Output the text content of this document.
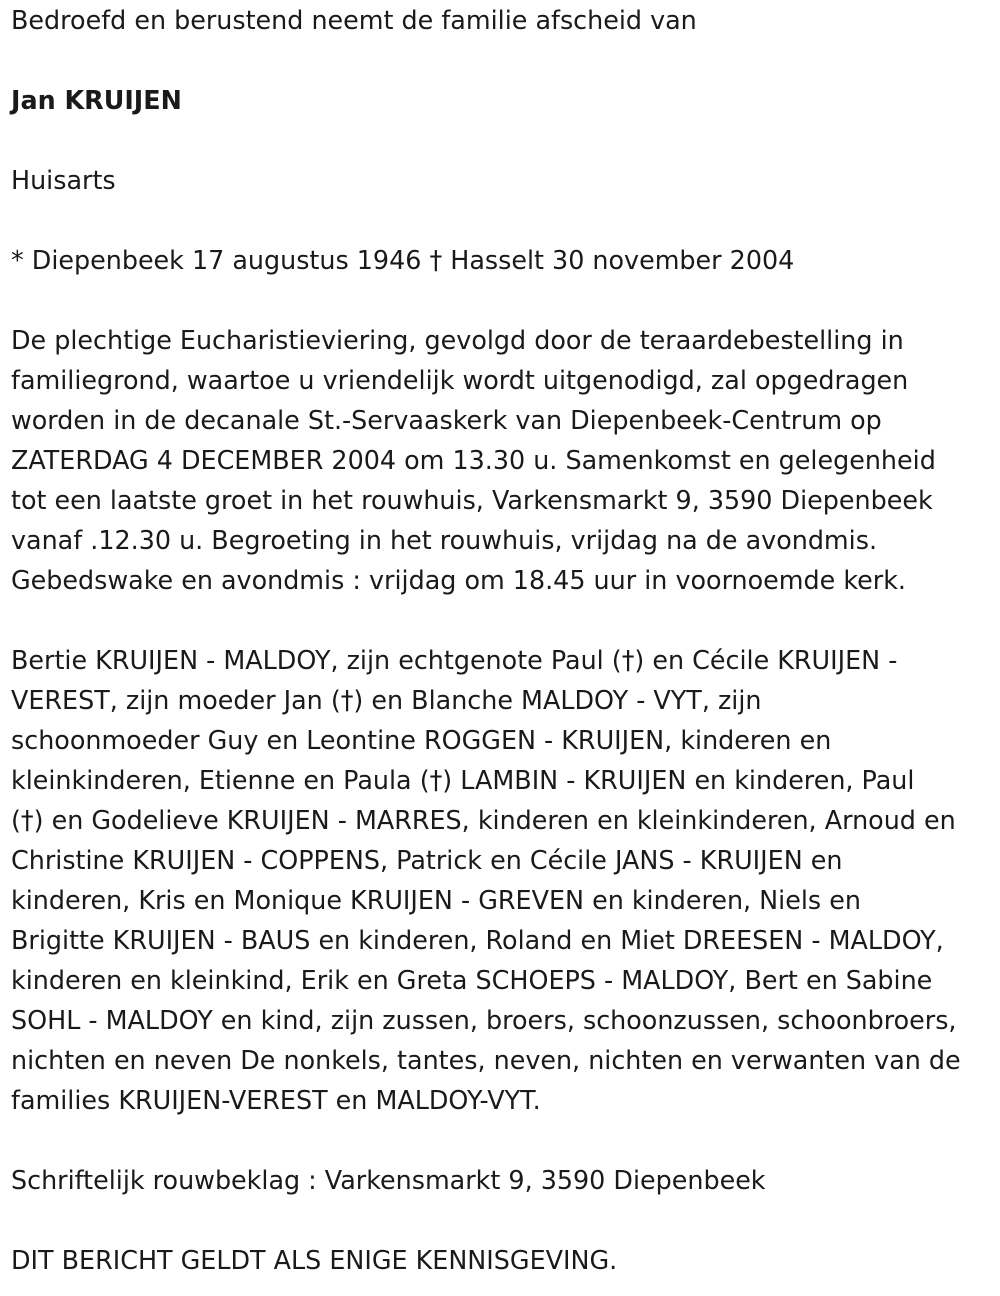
Bedroefd en berustend neemt de familie afscheid van
Jan KRUIJEN
Huisarts
* Diepenbeek 17 augustus 1946 † Hasselt 30 november 2004
De plechtige Eucharistieviering, gevolgd door de teraardebestelling in
familiegrond, waartoe u vriendelijk wordt uitgenodigd, zal opgedragen
worden in de decanale St.-Servaaskerk van Diepenbeek-Centrum op
ZATERDAG 4 DECEMBER 2004 om 13.30 u. Samenkomst en gelegenheid
tot een laatste groet in het rouwhuis, Varkensmarkt 9, 3590 Diepenbeek
vanaf .12.30 u. Begroeting in het rouwhuis, vrijdag na de avondmis.
Gebedswake en avondmis : vrijdag om 18.45 uur in voornoemde kerk.
Bertie KRUIJEN - MALDOY, zijn echtgenote Paul (†) en Cécile KRUIJEN -
VEREST, zijn moeder Jan (†) en Blanche MALDOY - VYT, zijn
schoonmoeder Guy en Leontine ROGGEN - KRUIJEN, kinderen en
kleinkinderen, Etienne en Paula (†) LAMBIN - KRUIJEN en kinderen, Paul
(†) en Godelieve KRUIJEN - MARRES, kinderen en kleinkinderen, Arnoud en
Christine KRUIJEN - COPPENS, Patrick en Cécile JANS - KRUIJEN en
kinderen, Kris en Monique KRUIJEN - GREVEN en kinderen, Niels en
Brigitte KRUIJEN - BAUS en kinderen, Roland en Miet DREESEN - MALDOY,
kinderen en kleinkind, Erik en Greta SCHOEPS - MALDOY, Bert en Sabine
SOHL - MALDOY en kind, zijn zussen, broers, schoonzussen, schoonbroers,
nichten en neven De nonkels, tantes, neven, nichten en verwanten van de
families KRUIJEN-VEREST en MALDOY-VYT.
Schriftelijk rouwbeklag : Varkensmarkt 9, 3590 Diepenbeek
DIT BERICHT GELDT ALS ENIGE KENNISGEVING.
